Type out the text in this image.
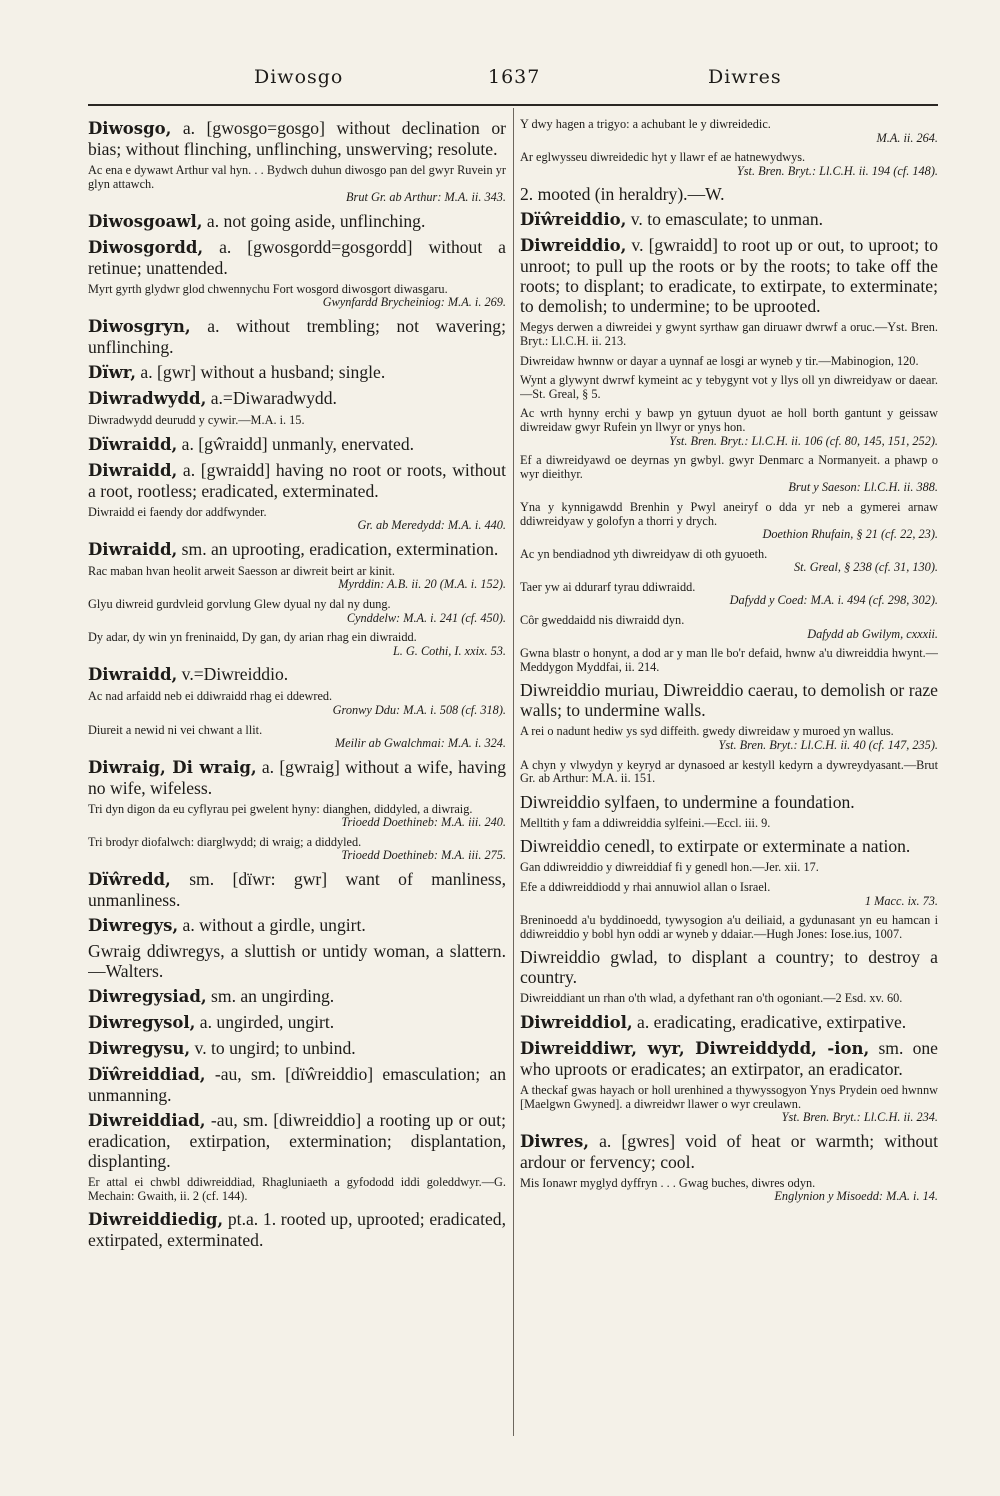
Diwosgo	1637	Diwres

Diwosgo, a. [gwosgo=gosgo] without declination or bias; without flinching, unflinching, unswerving; resolute.

Ac ena e dywawt Arthur val hyn. . . Bydwch duhun diwosgo pan del gwyr Ruvein yr glyn attawch.
Brut Gr. ab Arthur: M.A. ii. 343.

Diwosgoawl, a. not going aside, unflinching.

Diwosgordd, a. [gwosgordd=gosgordd] without a retinue; unattended.

Myrt gyrth glydwr glod chwennychu Fort wosgord diwosgort diwasgaru.
Gwynfardd Brycheiniog: M.A. i. 269.

Diwosgryn, a. without trembling; not wavering; unflinching.

Dïwr, a. [gwr] without a husband; single.

Diwradwydd, a.=Diwaradwydd.

Diwradwydd deurudd y cywir.—M.A. i. 15.

Dïwraidd, a. [gŵraidd] unmanly, enervated.

Diwraidd, a. [gwraidd] having no root or roots, without a root, rootless; eradicated, exterminated.

Diwraidd ei faendy dor addfwynder.
Gr. ab Meredydd: M.A. i. 440.

Diwraidd, sm. an uprooting, eradication, extermination.

Rac maban hvan heolit arweit Saesson ar diwreit beirt ar kinit.
Myrddin: A.B. ii. 20 (M.A. i. 152).
Glyu diwreid gurdvleid gorvlung Glew dyual ny dal ny dung.
Cynddelw: M.A. i. 241 (cf. 450).
Dy adar, dy win yn freninaidd, Dy gan, dy arian rhag ein diwraidd.
L. G. Cothi, I. xxix. 53.

Diwraidd, v.=Diwreiddio.

Ac nad arfaidd neb ei ddiwraidd rhag ei ddewred.
Gronwy Ddu: M.A. i. 508 (cf. 318).
Diureit a newid ni vei chwant a llit.
Meilir ab Gwalchmai: M.A. i. 324.

Diwraig, Di wraig, a. [gwraig] without a wife, having no wife, wifeless.

Tri dyn digon da eu cyflyrau pei gwelent hyny: dianghen, diddyled, a diwraig.
Trioedd Doethineb: M.A. iii. 240.
Tri brodyr diofalwch: diarglwydd; di wraig; a diddyled.
Trioedd Doethineb: M.A. iii. 275.

Dïŵredd, sm. [dïwr: gwr] want of manliness, unmanliness.

Diwregys, a. without a girdle, ungirt.

Gwraig ddiwregys, a sluttish or untidy woman, a slattern.—Walters.

Diwregysiad, sm. an ungirding.

Diwregysol, a. ungirded, ungirt.

Diwregysu, v. to ungird; to unbind.

Dïŵreiddiad, -au, sm. [dïŵreiddio] emasculation; an unmanning.

Diwreiddiad, -au, sm. [diwreiddio] a rooting up or out; eradication, extirpation, extermination; displantation, displanting.

Er attal ei chwbl ddiwreiddiad, Rhagluniaeth a gyfododd iddi goleddwyr.—G. Mechain: Gwaith, ii. 2 (cf. 144).

Diwreiddiedig, pt.a. 1. rooted up, uprooted; eradicated, extirpated, exterminated.

Y dwy hagen a trigyo: a achubant le y diwreidedic.
M.A. ii. 264.
Ar eglwysseu diwreidedic hyt y llawr ef ae hatnewydwys.
Yst. Bren. Bryt.: Ll.C.H. ii. 194 (cf. 148).

2. mooted (in heraldry).—W.

Dïŵreiddio, v. to emasculate; to unman.

Diwreiddio, v. [gwraidd] to root up or out, to uproot; to unroot; to pull up the roots or by the roots; to take off the roots; to displant; to eradicate, to extirpate, to exterminate; to demolish; to undermine; to be uprooted.

Megys derwen a diwreidei y gwynt syrthaw gan diruawr dwrwf a oruc.—Yst. Bren. Bryt.: Ll.C.H. ii. 213.
Diwreidaw hwnnw or dayar a uynnaf ae losgi ar wyneb y tir.—Mabinogion, 120.
Wynt a glywynt dwrwf kymeint ac y tebygynt vot y llys oll yn diwreidyaw or daear.—St. Greal, § 5.
Ac wrth hynny erchi y bawp yn gytuun dyuot ae holl borth gantunt y geissaw diwreidaw gwyr Rufein yn llwyr or ynys hon.
Yst. Bren. Bryt.: Ll.C.H. ii. 106 (cf. 80, 145, 151, 252).
Ef a diwreidyawd oe deyrnas yn gwbyl. gwyr Denmarc a Normanyeit. a phawp o wyr dieithyr.
Brut y Saeson: Ll.C.H. ii. 388.
Yna y kynnigawdd Brenhin y Pwyl aneiryf o dda yr neb a gymerei arnaw ddiwreidyaw y golofyn a thorri y drych.
Doethion Rhufain, § 21 (cf. 22, 23).
Ac yn bendiadnod yth diwreidyaw di oth gyuoeth.
St. Greal, § 238 (cf. 31, 130).
Taer yw ai ddurarf tyrau ddiwraidd.
Dafydd y Coed: M.A. i. 494 (cf. 298, 302).
Côr gweddaidd nis diwraidd dyn.
Dafydd ab Gwilym, cxxxii.
Gwna blastr o honynt, a dod ar y man lle bo'r defaid, hwnw a'u diwreiddia hwynt.—Meddygon Myddfai, ii. 214.

Diwreiddio muriau, Diwreiddio caerau, to demolish or raze walls; to undermine walls.

A rei o nadunt hediw ys syd diffeith. gwedy diwreidaw y muroed yn wallus.
Yst. Bren. Bryt.: Ll.C.H. ii. 40 (cf. 147, 235).
A chyn y vlwydyn y keyryd ar dynasoed ar kestyll kedyrn a dywreydyasant.—Brut Gr. ab Arthur: M.A. ii. 151.

Diwreiddio sylfaen, to undermine a foundation.

Melltith y fam a ddiwreiddia sylfeini.—Eccl. iii. 9.

Diwreiddio cenedl, to extirpate or exterminate a nation.

Gan ddiwreiddio y diwreiddiaf fi y genedl hon.—Jer. xii. 17.
Efe a ddiwreiddiodd y rhai annuwiol allan o Israel.
1 Macc. ix. 73.
Breninoedd a'u byddinoedd, tywysogion a'u deiliaid, a gydunasant yn eu hamcan i ddiwreiddio y bobl hyn oddi ar wyneb y ddaiar.—Hugh Jones: Iose.ius, 1007.

Diwreiddio gwlad, to displant a country; to destroy a country.

Diwreiddiant un rhan o'th wlad, a dyfethant ran o'th ogoniant.—2 Esd. xv. 60.

Diwreiddiol, a. eradicating, eradicative, extirpative.

Diwreiddiwr, wyr, Diwreiddydd, -ion, sm. one who uproots or eradicates; an extirpator, an eradicator.

A theckaf gwas hayach or holl urenhined a thywyssogyon Ynys Prydein oed hwnnw [Maelgwn Gwyned]. a diwreidwr llawer o wyr creulawn.
Yst. Bren. Bryt.: Ll.C.H. ii. 234.

Diwres, a. [gwres] void of heat or warmth; without ardour or fervency; cool.

Mis Ionawr myglyd dyffryn . . . Gwag buches, diwres odyn.
Englynion y Misoedd: M.A. i. 14.
